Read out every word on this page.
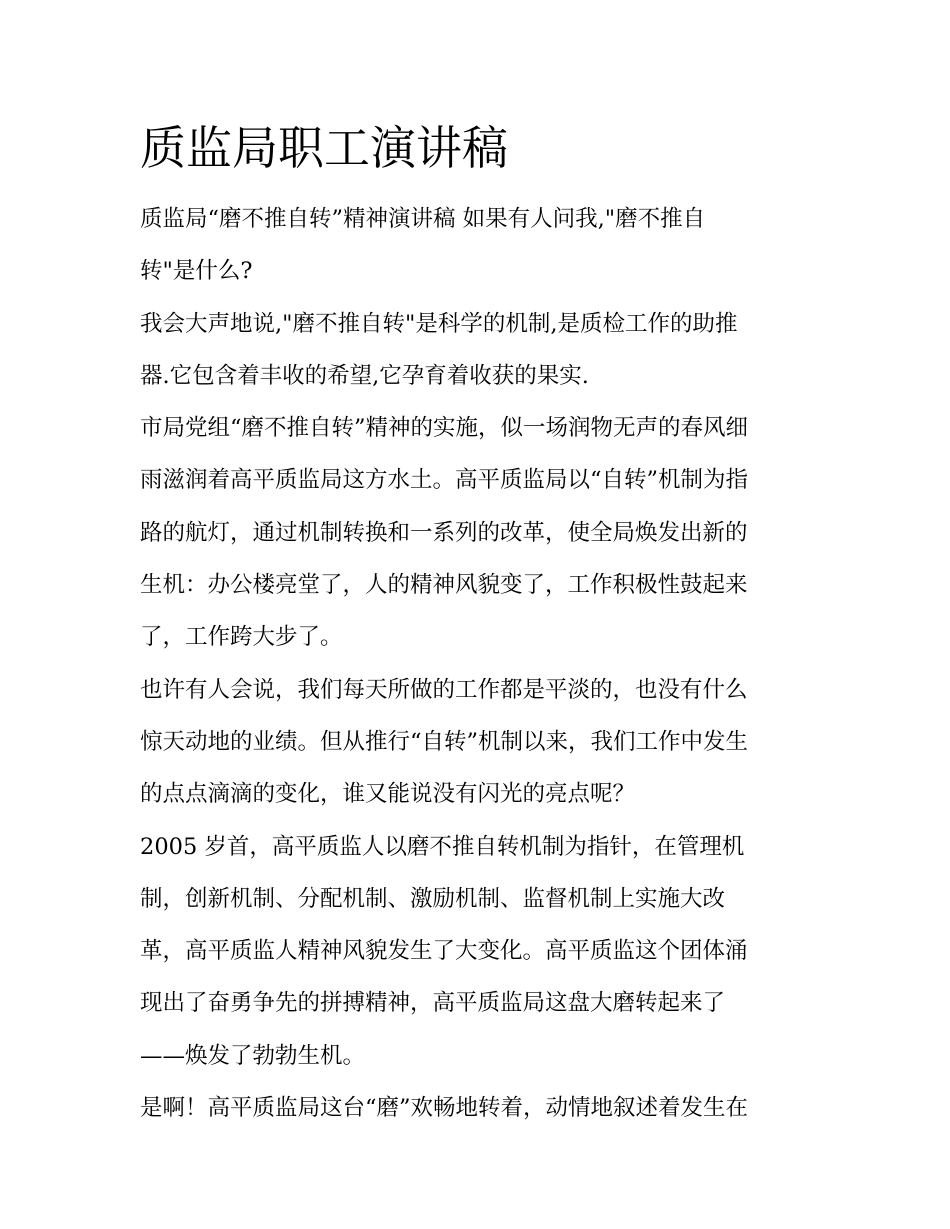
质监局职工演讲稿
质监局“磨不推自转”精神演讲稿 如果有人问我,"磨不推自
转"是什么?
我会大声地说,"磨不推自转"是科学的机制,是质检工作的助推
器.它包含着丰收的希望,它孕育着收获的果实.
市局党组“磨不推自转”精神的实施，似一场润物无声的春风细
雨滋润着高平质监局这方水土。高平质监局以“自转”机制为指
路的航灯，通过机制转换和一系列的改革，使全局焕发出新的
生机：办公楼亮堂了，人的精神风貌变了，工作积极性鼓起来
了，工作跨大步了。
也许有人会说，我们每天所做的工作都是平淡的，也没有什么
惊天动地的业绩。但从推行“自转”机制以来，我们工作中发生
的点点滴滴的变化，谁又能说没有闪光的亮点呢？
2005 岁首，高平质监人以磨不推自转机制为指针，在管理机
制，创新机制、分配机制、激励机制、监督机制上实施大改
革，高平质监人精神风貌发生了大变化。高平质监这个团体涌
现出了奋勇争先的拼搏精神，高平质监局这盘大磨转起来了
——焕发了勃勃生机。
是啊！高平质监局这台“磨”欢畅地转着，动情地叙述着发生在
